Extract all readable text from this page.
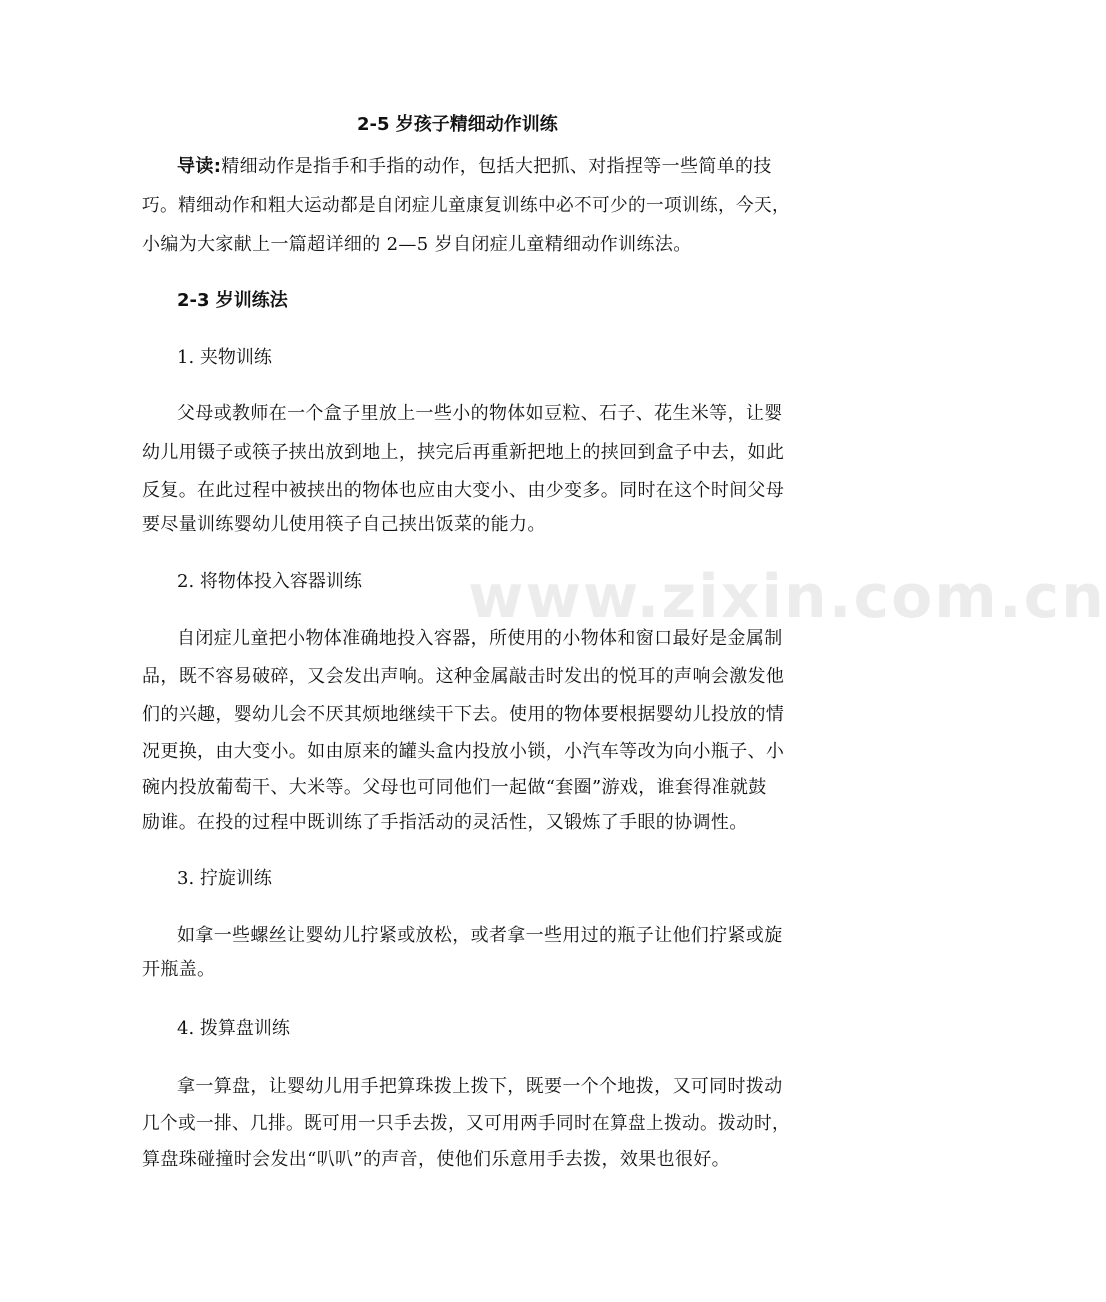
www.zixin.com.cn
2-5 岁孩子精细动作训练
导读:精细动作是指手和手指的动作，包括大把抓、对指捏等一些简单的技
巧。精细动作和粗大运动都是自闭症儿童康复训练中必不可少的一项训练，今天，
小编为大家献上一篇超详细的 2—5 岁自闭症儿童精细动作训练法。
2-3 岁训练法
1. 夹物训练
父母或教师在一个盒子里放上一些小的物体如豆粒、石子、花生米等，让婴
幼儿用镊子或筷子挟出放到地上，挟完后再重新把地上的挟回到盒子中去，如此
反复。在此过程中被挟出的物体也应由大变小、由少变多。同时在这个时间父母
要尽量训练婴幼儿使用筷子自己挟出饭菜的能力。
2. 将物体投入容器训练
自闭症儿童把小物体准确地投入容器，所使用的小物体和窗口最好是金属制
品，既不容易破碎，又会发出声响。这种金属敲击时发出的悦耳的声响会激发他
们的兴趣，婴幼儿会不厌其烦地继续干下去。使用的物体要根据婴幼儿投放的情
况更换，由大变小。如由原来的罐头盒内投放小锁，小汽车等改为向小瓶子、小
碗内投放葡萄干、大米等。父母也可同他们一起做“套圈”游戏，谁套得准就鼓
励谁。在投的过程中既训练了手指活动的灵活性，又锻炼了手眼的协调性。
3. 拧旋训练
如拿一些螺丝让婴幼儿拧紧或放松，或者拿一些用过的瓶子让他们拧紧或旋
开瓶盖。
4. 拨算盘训练
拿一算盘，让婴幼儿用手把算珠拨上拨下，既要一个个地拨，又可同时拨动
几个或一排、几排。既可用一只手去拨，又可用两手同时在算盘上拨动。拨动时，
算盘珠碰撞时会发出“叭叭”的声音，使他们乐意用手去拨，效果也很好。
